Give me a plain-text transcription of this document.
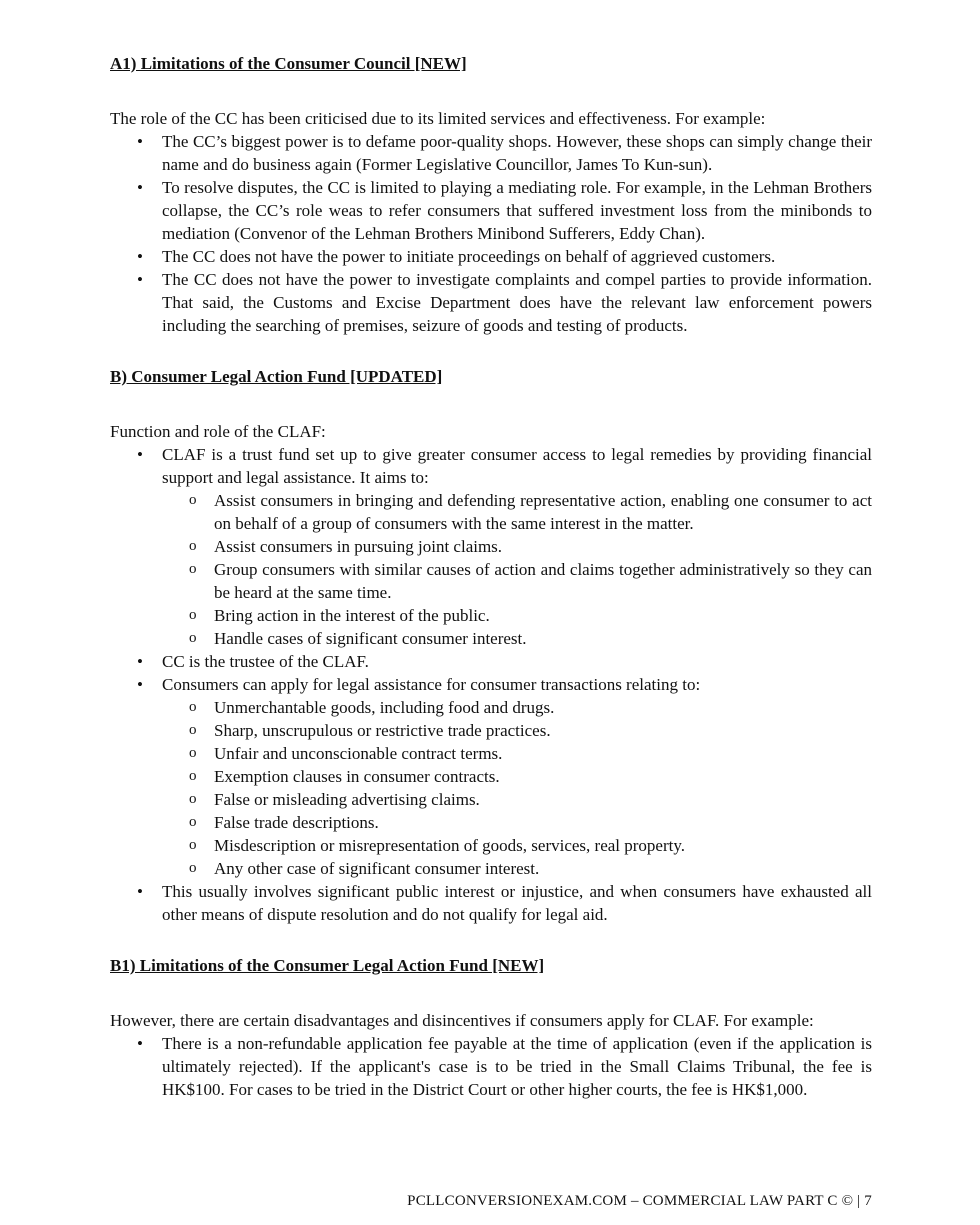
A1) Limitations of the Consumer Council [NEW]

The role of the CC has been criticised due to its limited services and effectiveness. For example:

• The CC’s biggest power is to defame poor-quality shops. However, these shops can simply change their name and do business again (Former Legislative Councillor, James To Kun-sun).
• To resolve disputes, the CC is limited to playing a mediating role. For example, in the Lehman Brothers collapse, the CC’s role weas to refer consumers that suffered investment loss from the minibonds to mediation (Convenor of the Lehman Brothers Minibond Sufferers, Eddy Chan).
• The CC does not have the power to initiate proceedings on behalf of aggrieved customers.
• The CC does not have the power to investigate complaints and compel parties to provide information. That said, the Customs and Excise Department does have the relevant law enforcement powers including the searching of premises, seizure of goods and testing of products.
B) Consumer Legal Action Fund [UPDATED]

Function and role of the CLAF:

• CLAF is a trust fund set up to give greater consumer access to legal remedies by providing financial support and legal assistance. It aims to:
o Assist consumers in bringing and defending representative action, enabling one consumer to act on behalf of a group of consumers with the same interest in the matter.
o Assist consumers in pursuing joint claims.
o Group consumers with similar causes of action and claims together administratively so they can be heard at the same time.
o Bring action in the interest of the public.
o Handle cases of significant consumer interest.
• CC is the trustee of the CLAF.
• Consumers can apply for legal assistance for consumer transactions relating to:
o Unmerchantable goods, including food and drugs.
o Sharp, unscrupulous or restrictive trade practices.
o Unfair and unconscionable contract terms.
o Exemption clauses in consumer contracts.
o False or misleading advertising claims.
o False trade descriptions.
o Misdescription or misrepresentation of goods, services, real property.
o Any other case of significant consumer interest.
• This usually involves significant public interest or injustice, and when consumers have exhausted all other means of dispute resolution and do not qualify for legal aid.
B1) Limitations of the Consumer Legal Action Fund [NEW]

However, there are certain disadvantages and disincentives if consumers apply for CLAF. For example:

• There is a non-refundable application fee payable at the time of application (even if the application is ultimately rejected). If the applicant's case is to be tried in the Small Claims Tribunal, the fee is HK$100. For cases to be tried in the District Court or other higher courts, the fee is HK$1,000.
PCLLCONVERSIONEXAM.COM – COMMERCIAL LAW PART C © | 7
